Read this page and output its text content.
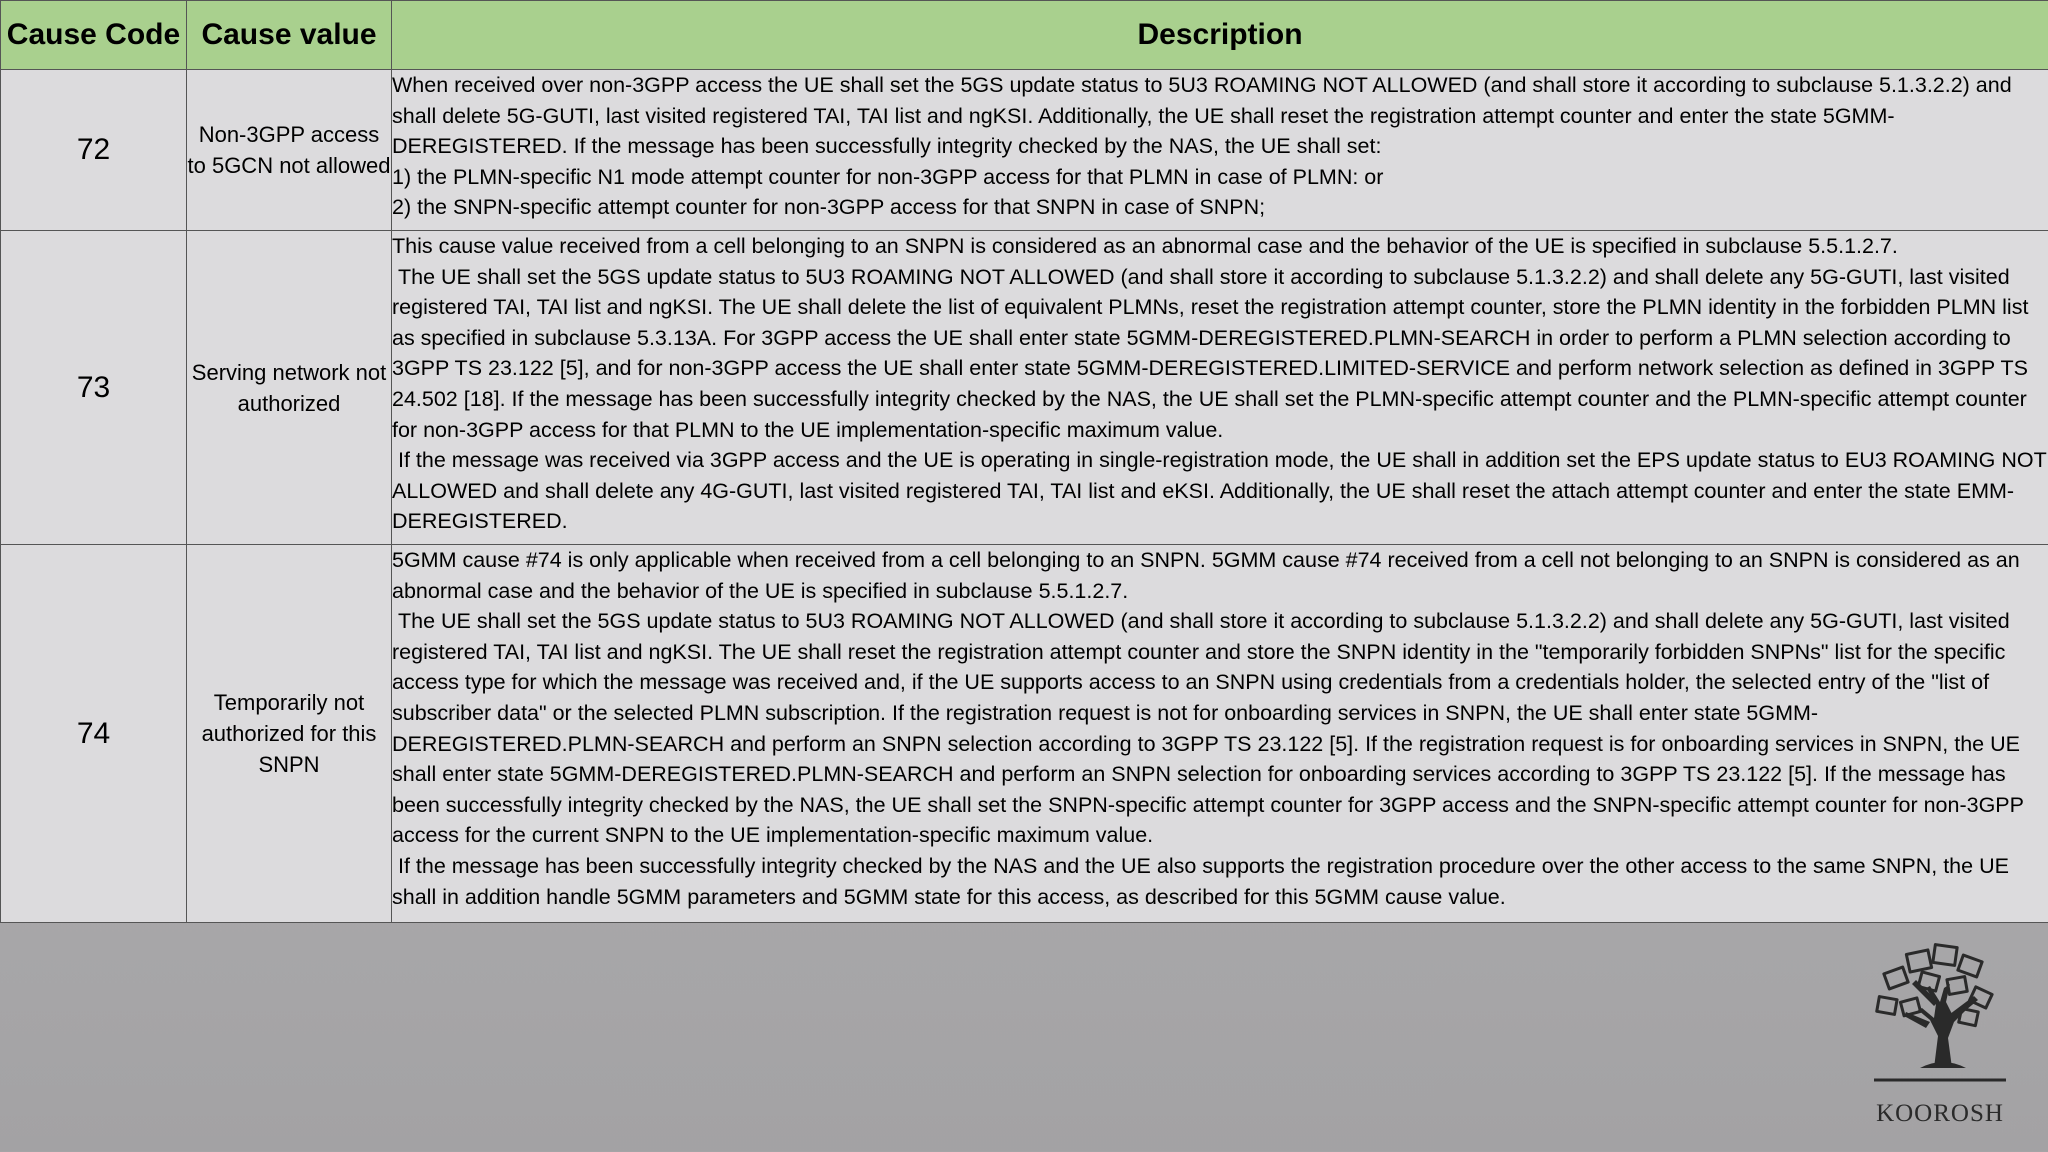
Cause Code	Cause value	Description
72	Non-3GPP access to 5GCN not allowed	When received over non-3GPP access the UE shall set the 5GS update status to 5U3 ROAMING NOT ALLOWED (and shall store it according to subclause 5.1.3.2.2) and shall delete 5G-GUTI, last visited registered TAI, TAI list and ngKSI. Additionally, the UE shall reset the registration attempt counter and enter the state 5GMM-DEREGISTERED. If the message has been successfully integrity checked by the NAS, the UE shall set:

1) the PLMN-specific N1 mode attempt counter for non-3GPP access for that PLMN in case of PLMN: or

2) the SNPN-specific attempt counter for non-3GPP access for that SNPN in case of SNPN;

73	Serving network not authorized	This cause value received from a cell belonging to an SNPN is considered as an abnormal case and the behavior of the UE is specified in subclause 5.5.1.2.7.

The UE shall set the 5GS update status to 5U3 ROAMING NOT ALLOWED (and shall store it according to subclause 5.1.3.2.2) and shall delete any 5G-GUTI, last visited registered TAI, TAI list and ngKSI. The UE shall delete the list of equivalent PLMNs, reset the registration attempt counter, store the PLMN identity in the forbidden PLMN list as specified in subclause 5.3.13A. For 3GPP access the UE shall enter state 5GMM-DEREGISTERED.PLMN-SEARCH in order to perform a PLMN selection according to 3GPP TS 23.122 [5], and for non-3GPP access the UE shall enter state 5GMM-DEREGISTERED.LIMITED-SERVICE and perform network selection as defined in 3GPP TS 24.502 [18]. If the message has been successfully integrity checked by the NAS, the UE shall set the PLMN-specific attempt counter and the PLMN-specific attempt counter for non-3GPP access for that PLMN to the UE implementation-specific maximum value.

If the message was received via 3GPP access and the UE is operating in single-registration mode, the UE shall in addition set the EPS update status to EU3 ROAMING NOT ALLOWED and shall delete any 4G-GUTI, last visited registered TAI, TAI list and eKSI. Additionally, the UE shall reset the attach attempt counter and enter the state EMM-DEREGISTERED.

74	Temporarily not authorized for this SNPN	5GMM cause #74 is only applicable when received from a cell belonging to an SNPN. 5GMM cause #74 received from a cell not belonging to an SNPN is considered as an abnormal case and the behavior of the UE is specified in subclause 5.5.1.2.7.

The UE shall set the 5GS update status to 5U3 ROAMING NOT ALLOWED (and shall store it according to subclause 5.1.3.2.2) and shall delete any 5G-GUTI, last visited registered TAI, TAI list and ngKSI. The UE shall reset the registration attempt counter and store the SNPN identity in the "temporarily forbidden SNPNs" list for the specific access type for which the message was received and, if the UE supports access to an SNPN using credentials from a credentials holder, the selected entry of the "list of subscriber data" or the selected PLMN subscription. If the registration request is not for onboarding services in SNPN, the UE shall enter state 5GMM-DEREGISTERED.PLMN-SEARCH and perform an SNPN selection according to 3GPP TS 23.122 [5]. If the registration request is for onboarding services in SNPN, the UE shall enter state 5GMM-DEREGISTERED.PLMN-SEARCH and perform an SNPN selection for onboarding services according to 3GPP TS 23.122 [5]. If the message has been successfully integrity checked by the NAS, the UE shall set the SNPN-specific attempt counter for 3GPP access and the SNPN-specific attempt counter for non-3GPP access for the current SNPN to the UE implementation-specific maximum value.

If the message has been successfully integrity checked by the NAS and the UE also supports the registration procedure over the other access to the same SNPN, the UE shall in addition handle 5GMM parameters and 5GMM state for this access, as described for this 5GMM cause value.

KOOROSH
